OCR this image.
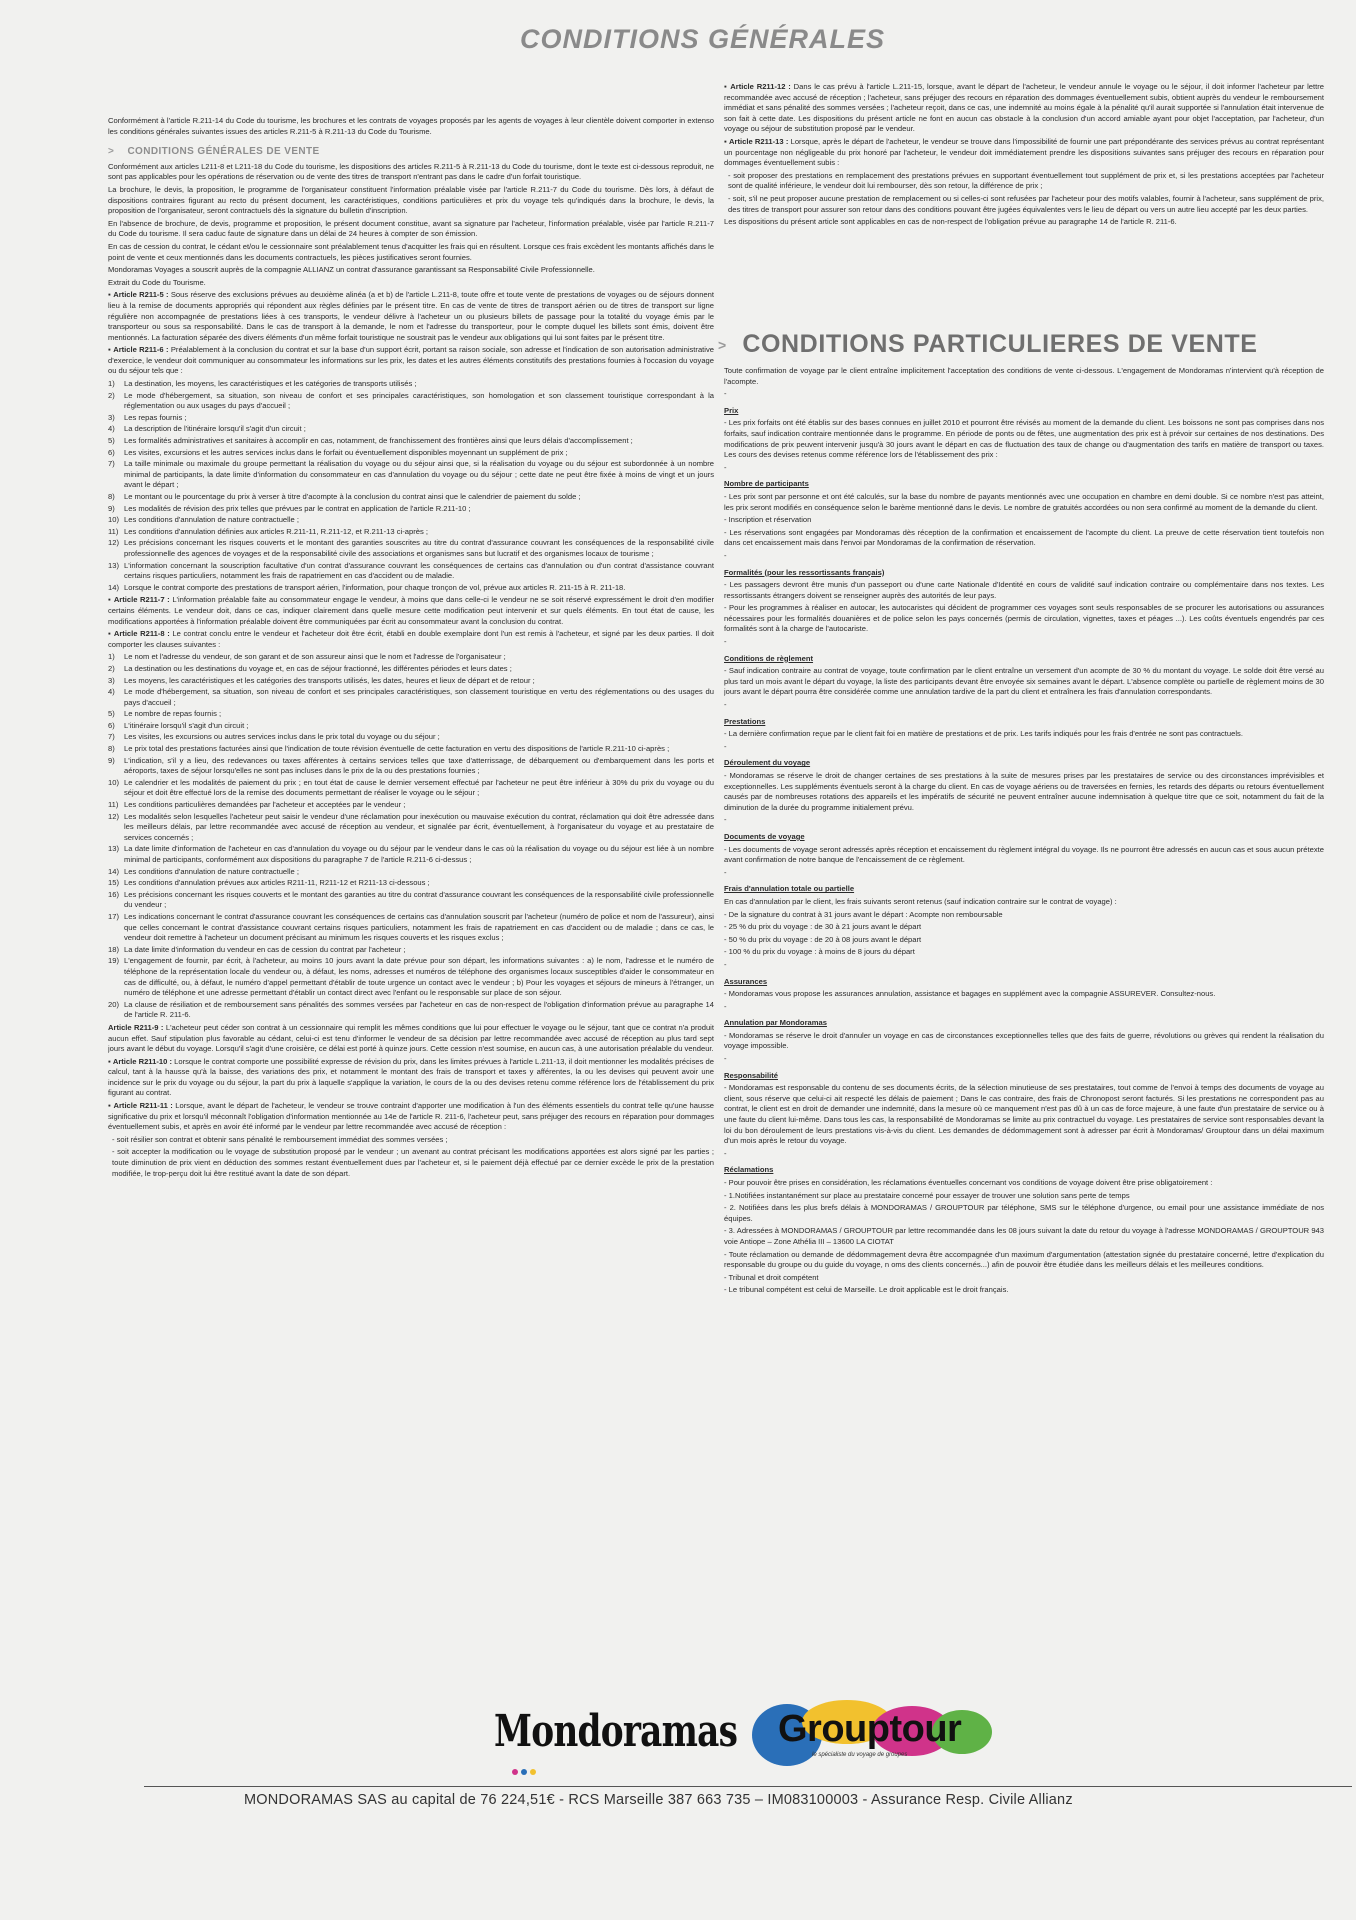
CONDITIONS GÉNÉRALES

Conformément à l'article R.211-14 du Code du tourisme, les brochures et les contrats de voyages proposés par les agents de voyages à leur clientèle doivent comporter in extenso les conditions générales suivantes issues des articles R.211-5 à R.211-13 du Code du Tourisme.

> CONDITIONS GÉNÉRALES DE VENTE

Conformément aux articles L211-8 et L211-18 du Code du tourisme, les dispositions des articles R.211-5 à R.211-13 du Code du tourisme, dont le texte est ci-dessous reproduit, ne sont pas applicables pour les opérations de réservation ou de vente des titres de transport n'entrant pas dans le cadre d'un forfait touristique.

La brochure, le devis, la proposition, le programme de l'organisateur constituent l'information préalable visée par l'article R.211-7 du Code du tourisme. Dès lors, à défaut de dispositions contraires figurant au recto du présent document, les caractéristiques, conditions particulières et prix du voyage tels qu'indiqués dans la brochure, le devis, la proposition de l'organisateur, seront contractuels dès la signature du bulletin d'inscription.

En l'absence de brochure, de devis, programme et proposition, le présent document constitue, avant sa signature par l'acheteur, l'information préalable, visée par l'article R.211-7 du Code du tourisme. Il sera caduc faute de signature dans un délai de 24 heures à compter de son émission.

En cas de cession du contrat, le cédant et/ou le cessionnaire sont préalablement tenus d'acquitter les frais qui en résultent. Lorsque ces frais excèdent les montants affichés dans le point de vente et ceux mentionnés dans les documents contractuels, les pièces justificatives seront fournies.

Mondoramas Voyages a souscrit auprès de la compagnie ALLIANZ un contrat d'assurance garantissant sa Responsabilité Civile Professionnelle.

Extrait du Code du Tourisme.

▪ Article R211-5 : Sous réserve des exclusions prévues au deuxième alinéa (a et b) de l'article L.211-8, toute offre et toute vente de prestations de voyages ou de séjours donnent lieu à la remise de documents appropriés qui répondent aux règles définies par le présent titre. En cas de vente de titres de transport aérien ou de titres de transport sur ligne régulière non accompagnée de prestations liées à ces transports, le vendeur délivre à l'acheteur un ou plusieurs billets de passage pour la totalité du voyage émis par le transporteur ou sous sa responsabilité. Dans le cas de transport à la demande, le nom et l'adresse du transporteur, pour le compte duquel les billets sont émis, doivent être mentionnés. La facturation séparée des divers éléments d'un même forfait touristique ne soustrait pas le vendeur aux obligations qui lui sont faites par le présent titre.

▪ Article R211-6 : Préalablement à la conclusion du contrat et sur la base d'un support écrit, portant sa raison sociale, son adresse et l'indication de son autorisation administrative d'exercice, le vendeur doit communiquer au consommateur les informations sur les prix, les dates et les autres éléments constitutifs des prestations fournies à l'occasion du voyage ou du séjour tels que :

1) La destination, les moyens, les caractéristiques et les catégories de transports utilisés ;
2) Le mode d'hébergement, sa situation, son niveau de confort et ses principales caractéristiques, son homologation et son classement touristique correspondant à la réglementation ou aux usages du pays d'accueil ;
3) Les repas fournis ;
4) La description de l'itinéraire lorsqu'il s'agit d'un circuit ;
5) Les formalités administratives et sanitaires à accomplir en cas, notamment, de franchissement des frontières ainsi que leurs délais d'accomplissement ;
6) Les visites, excursions et les autres services inclus dans le forfait ou éventuellement disponibles moyennant un supplément de prix ;
7) La taille minimale ou maximale du groupe permettant la réalisation du voyage ou du séjour ainsi que, si la réalisation du voyage ou du séjour est subordonnée à un nombre minimal de participants, la date limite d'information du consommateur en cas d'annulation du voyage ou du séjour ; cette date ne peut être fixée à moins de vingt et un jours avant le départ ;
8) Le montant ou le pourcentage du prix à verser à titre d'acompte à la conclusion du contrat ainsi que le calendrier de paiement du solde ;
9) Les modalités de révision des prix telles que prévues par le contrat en application de l'article R.211-10 ;
10) Les conditions d'annulation de nature contractuelle ;
11) Les conditions d'annulation définies aux articles R.211-11, R.211-12, et R.211-13 ci-après ;
12) Les précisions concernant les risques couverts et le montant des garanties souscrites au titre du contrat d'assurance couvrant les conséquences de la responsabilité civile professionnelle des agences de voyages et de la responsabilité civile des associations et organismes sans but lucratif et des organismes locaux de tourisme ;
13) L'information concernant la souscription facultative d'un contrat d'assurance couvrant les conséquences de certains cas d'annulation ou d'un contrat d'assistance couvrant certains risques particuliers, notamment les frais de rapatriement en cas d'accident ou de maladie.
14) Lorsque le contrat comporte des prestations de transport aérien, l'information, pour chaque tronçon de vol, prévue aux articles R. 211-15 à R. 211-18.

▪ Article R211-7 : L'information préalable faite au consommateur engage le vendeur, à moins que dans celle-ci le vendeur ne se soit réservé expressément le droit d'en modifier certains éléments. Le vendeur doit, dans ce cas, indiquer clairement dans quelle mesure cette modification peut intervenir et sur quels éléments. En tout état de cause, les modifications apportées à l'information préalable doivent être communiquées par écrit au consommateur avant la conclusion du contrat.

▪ Article R211-8 : Le contrat conclu entre le vendeur et l'acheteur doit être écrit, établi en double exemplaire dont l'un est remis à l'acheteur, et signé par les deux parties. Il doit comporter les clauses suivantes :

1) Le nom et l'adresse du vendeur, de son garant et de son assureur ainsi que le nom et l'adresse de l'organisateur ;
2) La destination ou les destinations du voyage et, en cas de séjour fractionné, les différentes périodes et leurs dates ;
3) Les moyens, les caractéristiques et les catégories des transports utilisés, les dates, heures et lieux de départ et de retour ;
4) Le mode d'hébergement, sa situation, son niveau de confort et ses principales caractéristiques, son classement touristique en vertu des réglementations ou des usages du pays d'accueil ;
5) Le nombre de repas fournis ;
6) L'itinéraire lorsqu'il s'agit d'un circuit ;
7) Les visites, les excursions ou autres services inclus dans le prix total du voyage ou du séjour ;
8) Le prix total des prestations facturées ainsi que l'indication de toute révision éventuelle de cette facturation en vertu des dispositions de l'article R.211-10 ci-après ;
9) L'indication, s'il y a lieu, des redevances ou taxes afférentes à certains services telles que taxe d'atterrissage, de débarquement ou d'embarquement dans les ports et aéroports, taxes de séjour lorsqu'elles ne sont pas incluses dans le prix de la ou des prestations fournies ;
10) Le calendrier et les modalités de paiement du prix ; en tout état de cause le dernier versement effectué par l'acheteur ne peut être inférieur à 30% du prix du voyage ou du séjour et doit être effectué lors de la remise des documents permettant de réaliser le voyage ou le séjour ;
11) Les conditions particulières demandées par l'acheteur et acceptées par le vendeur ;
12) Les modalités selon lesquelles l'acheteur peut saisir le vendeur d'une réclamation pour inexécution ou mauvaise exécution du contrat, réclamation qui doit être adressée dans les meilleurs délais, par lettre recommandée avec accusé de réception au vendeur, et signalée par écrit, éventuellement, à l'organisateur du voyage et au prestataire de services concernés ;
13) La date limite d'information de l'acheteur en cas d'annulation du voyage ou du séjour par le vendeur dans le cas où la réalisation du voyage ou du séjour est liée à un nombre minimal de participants, conformément aux dispositions du paragraphe 7 de l'article R.211-6 ci-dessus ;
14) Les conditions d'annulation de nature contractuelle ;
15) Les conditions d'annulation prévues aux articles R211-11, R211-12 et R211-13 ci-dessous ;
16) Les précisions concernant les risques couverts et le montant des garanties au titre du contrat d'assurance couvrant les conséquences de la responsabilité civile professionnelle du vendeur ;
17) Les indications concernant le contrat d'assurance couvrant les conséquences de certains cas d'annulation souscrit par l'acheteur (numéro de police et nom de l'assureur), ainsi que celles concernant le contrat d'assistance couvrant certains risques particuliers, notamment les frais de rapatriement en cas d'accident ou de maladie ; dans ce cas, le vendeur doit remettre à l'acheteur un document précisant au minimum les risques couverts et les risques exclus ;
18) La date limite d'information du vendeur en cas de cession du contrat par l'acheteur ;
19) L'engagement de fournir, par écrit, à l'acheteur, au moins 10 jours avant la date prévue pour son départ, les informations suivantes : a) le nom, l'adresse et le numéro de téléphone de la représentation locale du vendeur ou, à défaut, les noms, adresses et numéros de téléphone des organismes locaux susceptibles d'aider le consommateur en cas de difficulté, ou, à défaut, le numéro d'appel permettant d'établir de toute urgence un contact avec le vendeur ; b) Pour les voyages et séjours de mineurs à l'étranger, un numéro de téléphone et une adresse permettant d'établir un contact direct avec l'enfant ou le responsable sur place de son séjour.
20) La clause de résiliation et de remboursement sans pénalités des sommes versées par l'acheteur en cas de non-respect de l'obligation d'information prévue au paragraphe 14 de l'article R. 211-6.

Article R211-9 : L'acheteur peut céder son contrat à un cessionnaire qui remplit les mêmes conditions que lui pour effectuer le voyage ou le séjour, tant que ce contrat n'a produit aucun effet. Sauf stipulation plus favorable au cédant, celui-ci est tenu d'informer le vendeur de sa décision par lettre recommandée avec accusé de réception au plus tard sept jours avant le début du voyage. Lorsqu'il s'agit d'une croisière, ce délai est porté à quinze jours. Cette cession n'est soumise, en aucun cas, à une autorisation préalable du vendeur.

▪ Article R211-10 : Lorsque le contrat comporte une possibilité expresse de révision du prix, dans les limites prévues à l'article L.211-13, il doit mentionner les modalités précises de calcul, tant à la hausse qu'à la baisse, des variations des prix, et notamment le montant des frais de transport et taxes y afférentes, la ou les devises qui peuvent avoir une incidence sur le prix du voyage ou du séjour, la part du prix à laquelle s'applique la variation, le cours de la ou des devises retenu comme référence lors de l'établissement du prix figurant au contrat.

▪ Article R211-11 : Lorsque, avant le départ de l'acheteur, le vendeur se trouve contraint d'apporter une modification à l'un des éléments essentiels du contrat telle qu'une hausse significative du prix et lorsqu'il méconnaît l'obligation d'information mentionnée au 14e de l'article R. 211-6, l'acheteur peut, sans préjuger des recours en réparation pour dommages éventuellement subis, et après en avoir été informé par le vendeur par lettre recommandée avec accusé de réception :

- soit résilier son contrat et obtenir sans pénalité le remboursement immédiat des sommes versées ;

- soit accepter la modification ou le voyage de substitution proposé par le vendeur ; un avenant au contrat précisant les modifications apportées est alors signé par les parties ; toute diminution de prix vient en déduction des sommes restant éventuellement dues par l'acheteur et, si le paiement déjà effectué par ce dernier excède le prix de la prestation modifiée, le trop-perçu doit lui être restitué avant la date de son départ.

▪ Article R211-12 : Dans le cas prévu à l'article L.211-15, lorsque, avant le départ de l'acheteur, le vendeur annule le voyage ou le séjour, il doit informer l'acheteur par lettre recommandée avec accusé de réception ; l'acheteur, sans préjuger des recours en réparation des dommages éventuellement subis, obtient auprès du vendeur le remboursement immédiat et sans pénalité des sommes versées ; l'acheteur reçoit, dans ce cas, une indemnité au moins égale à la pénalité qu'il aurait supportée si l'annulation était intervenue de son fait à cette date. Les dispositions du présent article ne font en aucun cas obstacle à la conclusion d'un accord amiable ayant pour objet l'acceptation, par l'acheteur, d'un voyage ou séjour de substitution proposé par le vendeur.

▪ Article R211-13 : Lorsque, après le départ de l'acheteur, le vendeur se trouve dans l'impossibilité de fournir une part prépondérante des services prévus au contrat représentant un pourcentage non négligeable du prix honoré par l'acheteur, le vendeur doit immédiatement prendre les dispositions suivantes sans préjuger des recours en réparation pour dommages éventuellement subis :

- soit proposer des prestations en remplacement des prestations prévues en supportant éventuellement tout supplément de prix et, si les prestations acceptées par l'acheteur sont de qualité inférieure, le vendeur doit lui rembourser, dès son retour, la différence de prix ;

- soit, s'il ne peut proposer aucune prestation de remplacement ou si celles-ci sont refusées par l'acheteur pour des motifs valables, fournir à l'acheteur, sans supplément de prix, des titres de transport pour assurer son retour dans des conditions pouvant être jugées équivalentes vers le lieu de départ ou vers un autre lieu accepté par les deux parties.

Les dispositions du présent article sont applicables en cas de non-respect de l'obligation prévue au paragraphe 14 de l'article R. 211-6.

> CONDITIONS PARTICULIERES DE VENTE

Toute confirmation de voyage par le client entraîne implicitement l'acceptation des conditions de vente ci-dessous. L'engagement de Mondoramas n'intervient qu'à réception de l'acompte.

-
Prix

- Les prix forfaits ont été établis sur des bases connues en juillet 2010 et pourront être révisés au moment de la demande du client. Les boissons ne sont pas comprises dans nos forfaits, sauf indication contraire mentionnée dans le programme. En période de ponts ou de fêtes, une augmentation des prix est à prévoir sur certaines de nos destinations. Des modifications de prix peuvent intervenir jusqu'à 30 jours avant le départ en cas de fluctuation des taux de change ou d'augmentation des tarifs en matière de transport ou taxes. Les cours des devises retenus comme référence lors de l'établissement des prix :

-
Nombre de participants

- Les prix sont par personne et ont été calculés, sur la base du nombre de payants mentionnés avec une occupation en chambre en demi double. Si ce nombre n'est pas atteint, les prix seront modifiés en conséquence selon le barème mentionné dans le devis. Le nombre de gratuités accordées ou non sera confirmé au moment de la demande du client.

- Inscription et réservation

- Les réservations sont engagées par Mondoramas dès réception de la confirmation et encaissement de l'acompte du client. La preuve de cette réservation tient toutefois non dans cet encaissement mais dans l'envoi par Mondoramas de la confirmation de réservation.

-
Formalités (pour les ressortissants français)

- Les passagers devront être munis d'un passeport ou d'une carte Nationale d'Identité en cours de validité sauf indication contraire ou complémentaire dans nos textes. Les ressortissants étrangers doivent se renseigner auprès des autorités de leur pays.

- Pour les programmes à réaliser en autocar, les autocaristes qui décident de programmer ces voyages sont seuls responsables de se procurer les autorisations ou assurances nécessaires pour les formalités douanières et de police selon les pays concernés (permis de circulation, vignettes, taxes et péages ...). Les coûts éventuels engendrés par ces formalités sont à la charge de l'autocariste.

-
Conditions de règlement

- Sauf indication contraire au contrat de voyage, toute confirmation par le client entraîne un versement d'un acompte de 30 % du montant du voyage. Le solde doit être versé au plus tard un mois avant le départ du voyage, la liste des participants devant être envoyée six semaines avant le départ. L'absence complète ou partielle de règlement moins de 30 jours avant le départ pourra être considérée comme une annulation tardive de la part du client et entraînera les frais d'annulation correspondants.

-
Prestations

- La dernière confirmation reçue par le client fait foi en matière de prestations et de prix. Les tarifs indiqués pour les frais d'entrée ne sont pas contractuels.

-
Déroulement du voyage

- Mondoramas se réserve le droit de changer certaines de ses prestations à la suite de mesures prises par les prestataires de service ou des circonstances imprévisibles et exceptionnelles. Les suppléments éventuels seront à la charge du client. En cas de voyage aériens ou de traversées en fernies, les retards des départs ou retours éventuellement causés par de nombreuses rotations des appareils et les impératifs de sécurité ne peuvent entraîner aucune indemnisation à quelque titre que ce soit, notamment du fait de la diminution de la durée du programme initialement prévu.

-
Documents de voyage

- Les documents de voyage seront adressés après réception et encaissement du règlement intégral du voyage. Ils ne pourront être adressés en aucun cas et sous aucun prétexte avant confirmation de notre banque de l'encaissement de ce règlement.

-
Frais d'annulation totale ou partielle

En cas d'annulation par le client, les frais suivants seront retenus (sauf indication contraire sur le contrat de voyage) :

- De la signature du contrat à 31 jours avant le départ : Acompte non remboursable

- 25 % du prix du voyage : de 30 à 21 jours avant le départ

- 50 % du prix du voyage : de 20 à 08 jours avant le départ

- 100 % du prix du voyage : à moins de 8 jours du départ

-
Assurances

- Mondoramas vous propose les assurances annulation, assistance et bagages en supplément avec la compagnie ASSUREVER. Consultez-nous.

-
Annulation par Mondoramas

- Mondoramas se réserve le droit d'annuler un voyage en cas de circonstances exceptionnelles telles que des faits de guerre, révolutions ou grèves qui rendent la réalisation du voyage impossible.

-
Responsabilité

- Mondoramas est responsable du contenu de ses documents écrits, de la sélection minutieuse de ses prestataires, tout comme de l'envoi à temps des documents de voyage au client, sous réserve que celui-ci ait respecté les délais de paiement ; Dans le cas contraire, des frais de Chronopost seront facturés. Si les prestations ne correspondent pas au contrat, le client est en droit de demander une indemnité, dans la mesure où ce manquement n'est pas dû à un cas de force majeure, à une faute d'un prestataire de service ou à une faute du client lui-même. Dans tous les cas, la responsabilité de Mondoramas se limite au prix contractuel du voyage. Les prestataires de service sont responsables devant la loi du bon déroulement de leurs prestations vis-à-vis du client. Les demandes de dédommagement sont à adresser par écrit à Mondoramas/ Grouptour dans un délai maximum d'un mois après le retour du voyage.

-
Réclamations

- Pour pouvoir être prises en considération, les réclamations éventuelles concernant vos conditions de voyage doivent être prise obligatoirement :

- 1.Notifiées instantanément sur place au prestataire concerné pour essayer de trouver une solution sans perte de temps

- 2. Notifiées dans les plus brefs délais à MONDORAMAS / GROUPTOUR par téléphone, SMS sur le téléphone d'urgence, ou email pour une assistance immédiate de nos équipes.

- 3. Adressées à MONDORAMAS / GROUPTOUR par lettre recommandée dans les 08 jours suivant la date du retour du voyage à l'adresse MONDORAMAS / GROUPTOUR 943 voie Antiope – Zone Athélia III – 13600 LA CIOTAT

- Toute réclamation ou demande de dédommagement devra être accompagnée d'un maximum d'argumentation (attestation signée du prestataire concerné, lettre d'explication du responsable du groupe ou du guide du voyage, n oms des clients concernés...) afin de pouvoir être étudiée dans les meilleurs délais et les meilleures conditions.

- Tribunal et droit compétent

- Le tribunal compétent est celui de Marseille. Le droit applicable est le droit français.

Mondoramas Grouptour
le spécialiste du voyage de groupes
MONDORAMAS SAS au capital de 76 224,51€ - RCS Marseille 387 663 735 – IM083100003 - Assurance Resp. Civile Allianz
